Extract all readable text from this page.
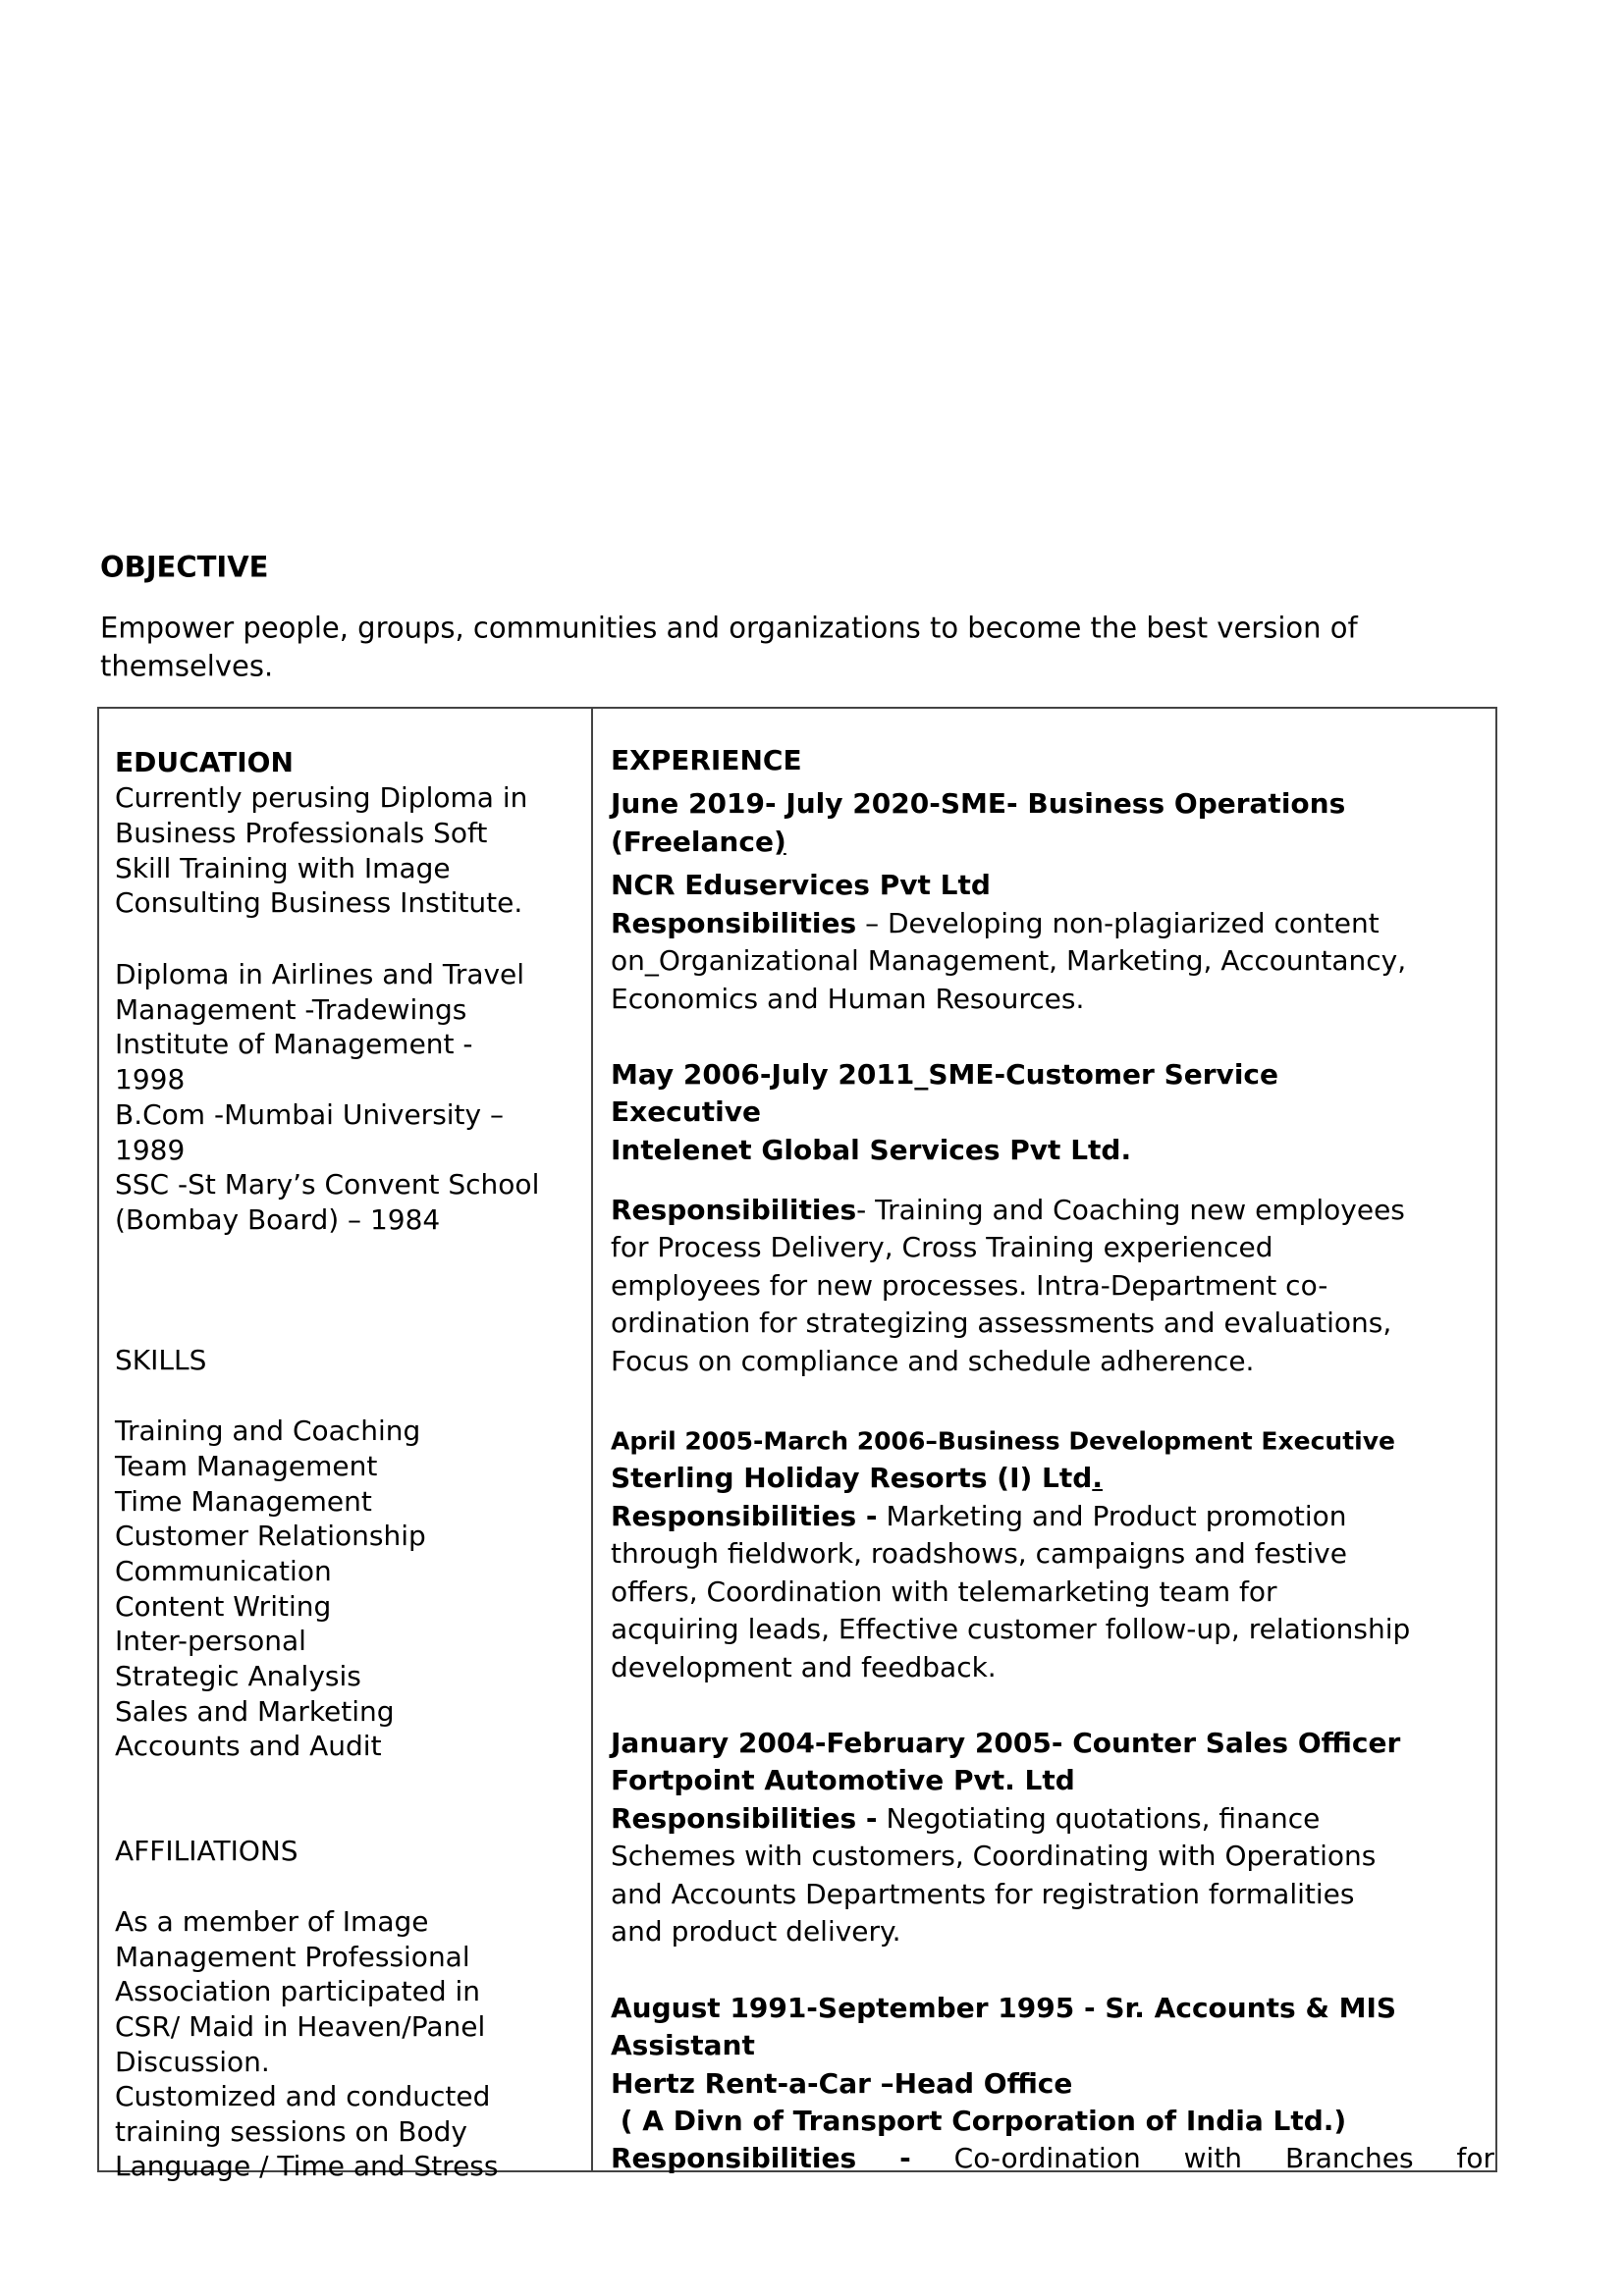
OBJECTIVE
Empower people, groups, communities and organizations to become the best version of
themselves.
EDUCATION
Currently perusing Diploma in
Business Professionals Soft
Skill Training with Image
Consulting Business Institute.
Diploma in Airlines and Travel
Management -Tradewings
Institute of Management -
1998
B.Com -Mumbai University –
1989
SSC -St Mary’s Convent School
(Bombay Board) – 1984
SKILLS
Training and Coaching
Team Management
Time Management
Customer Relationship
Communication
Content Writing
Inter-personal
Strategic Analysis
Sales and Marketing
Accounts and Audit
AFFILIATIONS
As a member of Image
Management Professional
Association participated in
CSR/ Maid in Heaven/Panel
Discussion.
Customized and conducted
training sessions on Body
Language / Time and Stress
EXPERIENCE
June 2019- July 2020-SME- Business Operations
(Freelance)
NCR Eduservices Pvt Ltd
Responsibilities – Developing non-plagiarized content
on_Organizational Management, Marketing, Accountancy,
Economics and Human Resources.
May 2006-July 2011_SME-Customer Service
Executive
Intelenet Global Services Pvt Ltd.
Responsibilities- Training and Coaching new employees
for Process Delivery, Cross Training experienced
employees for new processes. Intra-Department co-
ordination for strategizing assessments and evaluations,
Focus on compliance and schedule adherence.
April 2005-March 2006–Business Development Executive
Sterling Holiday Resorts (I) Ltd.
Responsibilities - Marketing and Product promotion
through fieldwork, roadshows, campaigns and festive
offers, Coordination with telemarketing team for
acquiring leads, Effective customer follow-up, relationship
development and feedback.
January 2004-February 2005- Counter Sales Officer
Fortpoint Automotive Pvt. Ltd
Responsibilities - Negotiating quotations, finance
Schemes with customers, Coordinating with Operations
and Accounts Departments for registration formalities
and product delivery.
August 1991-September 1995 - Sr. Accounts & MIS
Assistant
Hertz Rent-a-Car –Head Office
( A Divn of Transport Corporation of India Ltd.)
Responsibilities - Co-ordination with Branches for
